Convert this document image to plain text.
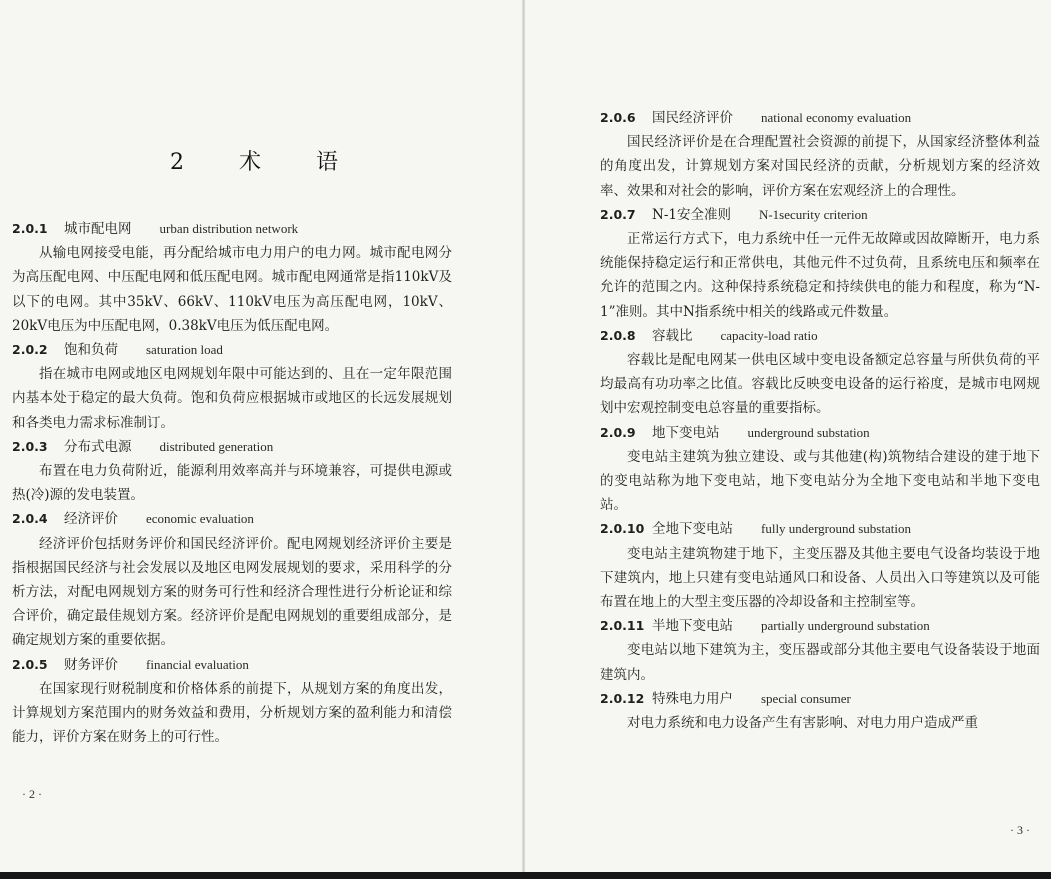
2 术 语
2.0.1 城市配电网 urban distribution network
从输电网接受电能，再分配给城市电力用户的电力网。城市配电网分为高压配电网、中压配电网和低压配电网。城市配电网通常是指110kV及以下的电网。其中35kV、66kV、110kV电压为高压配电网，10kV、20kV电压为中压配电网，0.38kV电压为低压配电网。
2.0.2 饱和负荷 saturation load
指在城市电网或地区电网规划年限中可能达到的、且在一定年限范围内基本处于稳定的最大负荷。饱和负荷应根据城市或地区的长远发展规划和各类电力需求标准制订。
2.0.3 分布式电源 distributed generation
布置在电力负荷附近，能源利用效率高并与环境兼容，可提供电源或热(冷)源的发电装置。
2.0.4 经济评价 economic evaluation
经济评价包括财务评价和国民经济评价。配电网规划经济评价主要是指根据国民经济与社会发展以及地区电网发展规划的要求，采用科学的分析方法，对配电网规划方案的财务可行性和经济合理性进行分析论证和综合评价，确定最佳规划方案。经济评价是配电网规划的重要组成部分，是确定规划方案的重要依据。
2.0.5 财务评价 financial evaluation
在国家现行财税制度和价格体系的前提下，从规划方案的角度出发，计算规划方案范围内的财务效益和费用，分析规划方案的盈利能力和清偿能力，评价方案在财务上的可行性。
· 2 ·
2.0.6 国民经济评价 national economy evaluation
国民经济评价是在合理配置社会资源的前提下，从国家经济整体利益的角度出发，计算规划方案对国民经济的贡献，分析规划方案的经济效率、效果和对社会的影响，评价方案在宏观经济上的合理性。
2.0.7 N-1安全准则 N-1security criterion
正常运行方式下，电力系统中任一元件无故障或因故障断开，电力系统能保持稳定运行和正常供电，其他元件不过负荷，且系统电压和频率在允许的范围之内。这种保持系统稳定和持续供电的能力和程度，称为“N-1”准则。其中N指系统中相关的线路或元件数量。
2.0.8 容载比 capacity-load ratio
容载比是配电网某一供电区域中变电设备额定总容量与所供负荷的平均最高有功功率之比值。容载比反映变电设备的运行裕度，是城市电网规划中宏观控制变电总容量的重要指标。
2.0.9 地下变电站 underground substation
变电站主建筑为独立建设、或与其他建(构)筑物结合建设的建于地下的变电站称为地下变电站，地下变电站分为全地下变电站和半地下变电站。
2.0.10 全地下变电站 fully underground substation
变电站主建筑物建于地下，主变压器及其他主要电气设备均装设于地下建筑内，地上只建有变电站通风口和设备、人员出入口等建筑以及可能布置在地上的大型主变压器的冷却设备和主控制室等。
2.0.11 半地下变电站 partially underground substation
变电站以地下建筑为主，变压器或部分其他主要电气设备装设于地面建筑内。
2.0.12 特殊电力用户 special consumer
对电力系统和电力设备产生有害影响、对电力用户造成严重
· 3 ·
